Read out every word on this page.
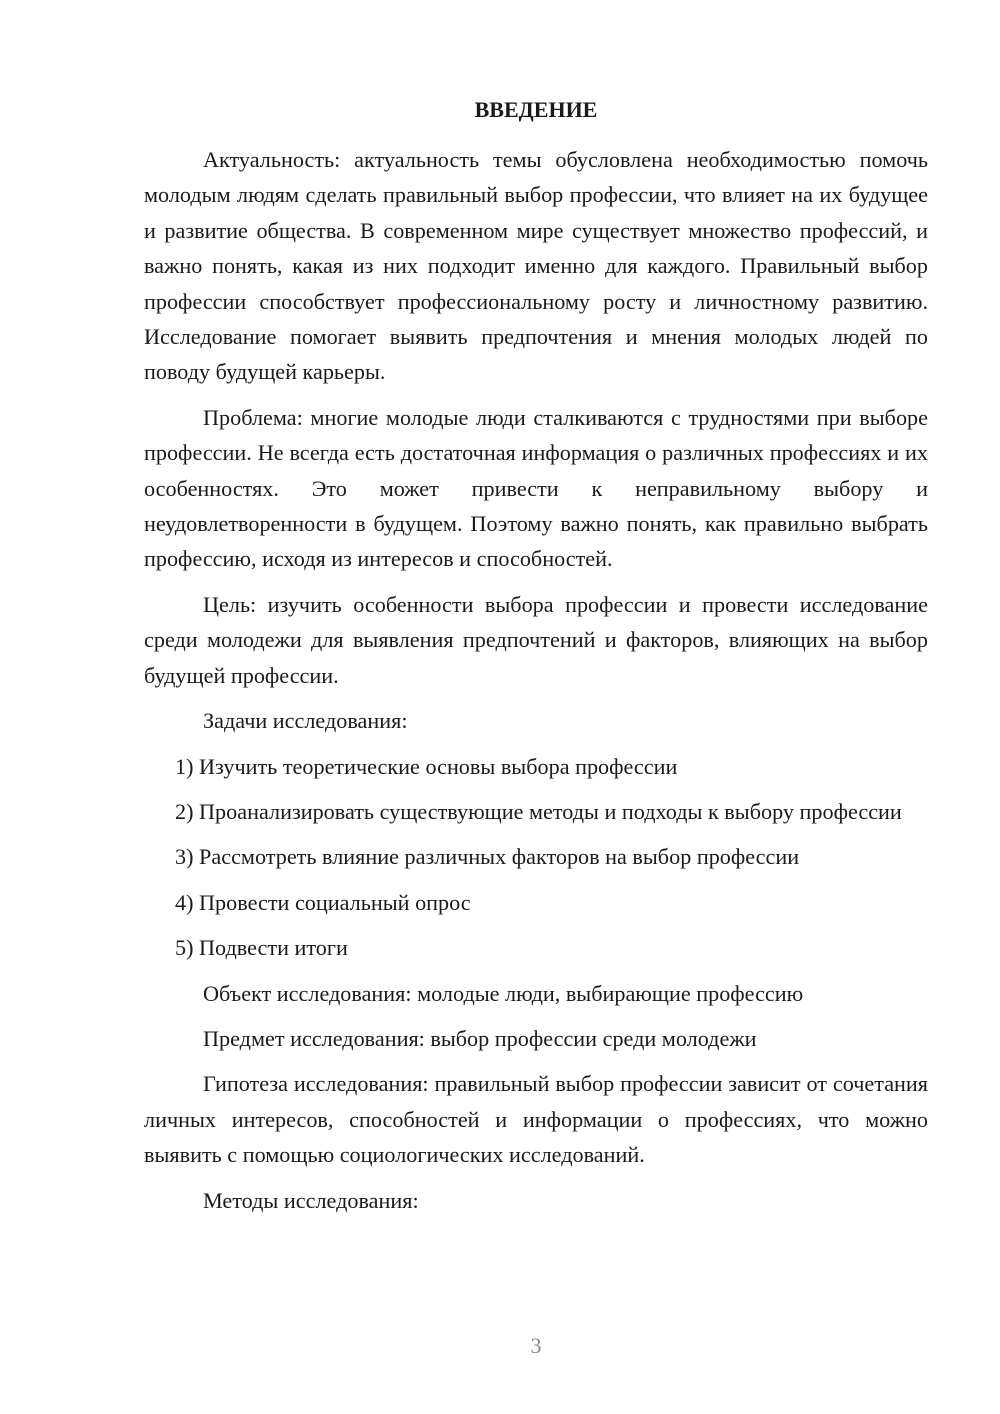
ВВЕДЕНИЕ

Актуальность: актуальность темы обусловлена необходимостью помочь молодым людям сделать правильный выбор профессии, что влияет на их будущее и развитие общества. В современном мире существует множество профессий, и важно понять, какая из них подходит именно для каждого. Правильный выбор профессии способствует профессиональному росту и личностному развитию. Исследование помогает выявить предпочтения и мнения молодых людей по поводу будущей карьеры.

Проблема: многие молодые люди сталкиваются с трудностями при выборе профессии. Не всегда есть достаточная информация о различных профессиях и их особенностях. Это может привести к неправильному выбору и неудовлетворенности в будущем. Поэтому важно понять, как правильно выбрать профессию, исходя из интересов и способностей.

Цель: изучить особенности выбора профессии и провести исследование среди молодежи для выявления предпочтений и факторов, влияющих на выбор будущей профессии.

Задачи исследования:

1) Изучить теоретические основы выбора профессии

2) Проанализировать существующие методы и подходы к выбору профессии

3) Рассмотреть влияние различных факторов на выбор профессии

4) Провести социальный опрос

5) Подвести итоги

Объект исследования: молодые люди, выбирающие профессию

Предмет исследования: выбор профессии среди молодежи

Гипотеза исследования: правильный выбор профессии зависит от сочетания личных интересов, способностей и информации о профессиях, что можно выявить с помощью социологических исследований.

Методы исследования:

3
